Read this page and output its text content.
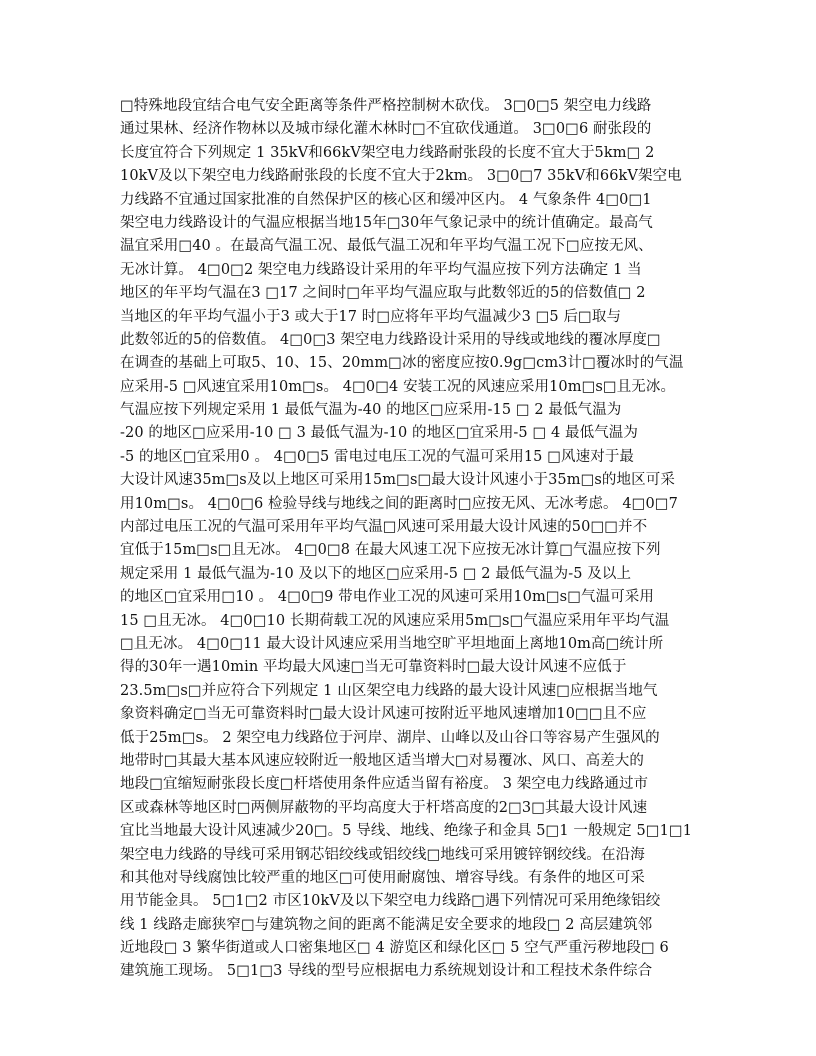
□特殊地段宜结合电气安全距离等条件严格控制树木砍伐。 3□0□5 架空电力线路
通过果林、经济作物林以及城市绿化灌木林时□不宜砍伐通道。 3□0□6 耐张段的
长度宜符合下列规定 1 35kV和66kV架空电力线路耐张段的长度不宜大于5km□ 2
10kV及以下架空电力线路耐张段的长度不宜大于2km。 3□0□7 35kV和66kV架空电
力线路不宜通过国家批准的自然保护区的核心区和缓冲区内。 4 气象条件 4□0□1
架空电力线路设计的气温应根据当地15年□30年气象记录中的统计值确定。最高气
温宜采用□40 。在最高气温工况、最低气温工况和年平均气温工况下□应按无风、
无冰计算。 4□0□2 架空电力线路设计采用的年平均气温应按下列方法确定 1 当
地区的年平均气温在3 □17 之间时□年平均气温应取与此数邻近的5的倍数值□ 2
当地区的年平均气温小于3 或大于17 时□应将年平均气温减少3 □5 后□取与
此数邻近的5的倍数值。 4□0□3 架空电力线路设计采用的导线或地线的覆冰厚度□
在调查的基础上可取5、10、15、20mm□冰的密度应按0.9g□cm3计□覆冰时的气温
应采用-5 □风速宜采用10m□s。 4□0□4 安装工况的风速应采用10m□s□且无冰。
气温应按下列规定采用 1 最低气温为-40 的地区□应采用-15 □ 2 最低气温为
-20 的地区□应采用-10 □ 3 最低气温为-10 的地区□宜采用-5 □ 4 最低气温为
-5 的地区□宜采用0 。 4□0□5 雷电过电压工况的气温可采用15 □风速对于最
大设计风速35m□s及以上地区可采用15m□s□最大设计风速小于35m□s的地区可采
用10m□s。 4□0□6 检验导线与地线之间的距离时□应按无风、无冰考虑。 4□0□7
内部过电压工况的气温可采用年平均气温□风速可采用最大设计风速的50□□并不
宜低于15m□s□且无冰。 4□0□8 在最大风速工况下应按无冰计算□气温应按下列
规定采用 1 最低气温为-10 及以下的地区□应采用-5 □ 2 最低气温为-5 及以上
的地区□宜采用□10 。 4□0□9 带电作业工况的风速可采用10m□s□气温可采用
15 □且无冰。 4□0□10 长期荷载工况的风速应采用5m□s□气温应采用年平均气温
□且无冰。 4□0□11 最大设计风速应采用当地空旷平坦地面上离地10m高□统计所
得的30年一遇10min 平均最大风速□当无可靠资料时□最大设计风速不应低于
23.5m□s□并应符合下列规定 1 山区架空电力线路的最大设计风速□应根据当地气
象资料确定□当无可靠资料时□最大设计风速可按附近平地风速增加10□□且不应
低于25m□s。 2 架空电力线路位于河岸、湖岸、山峰以及山谷口等容易产生强风的
地带时□其最大基本风速应较附近一般地区适当增大□对易覆冰、风口、高差大的
地段□宜缩短耐张段长度□杆塔使用条件应适当留有裕度。 3 架空电力线路通过市
区或森林等地区时□两侧屏蔽物的平均高度大于杆塔高度的2□3□其最大设计风速
宜比当地最大设计风速减少20□。5 导线、地线、绝缘子和金具 5□1 一般规定 5□1□1
架空电力线路的导线可采用钢芯铝绞线或铝绞线□地线可采用镀锌钢绞线。在沿海
和其他对导线腐蚀比较严重的地区□可使用耐腐蚀、增容导线。有条件的地区可采
用节能金具。 5□1□2 市区10kV及以下架空电力线路□遇下列情况可采用绝缘铝绞
线 1 线路走廊狭窄□与建筑物之间的距离不能满足安全要求的地段□ 2 高层建筑邻
近地段□ 3 繁华街道或人口密集地区□ 4 游览区和绿化区□ 5 空气严重污秽地段□ 6
建筑施工现场。 5□1□3 导线的型号应根据电力系统规划设计和工程技术条件综合
